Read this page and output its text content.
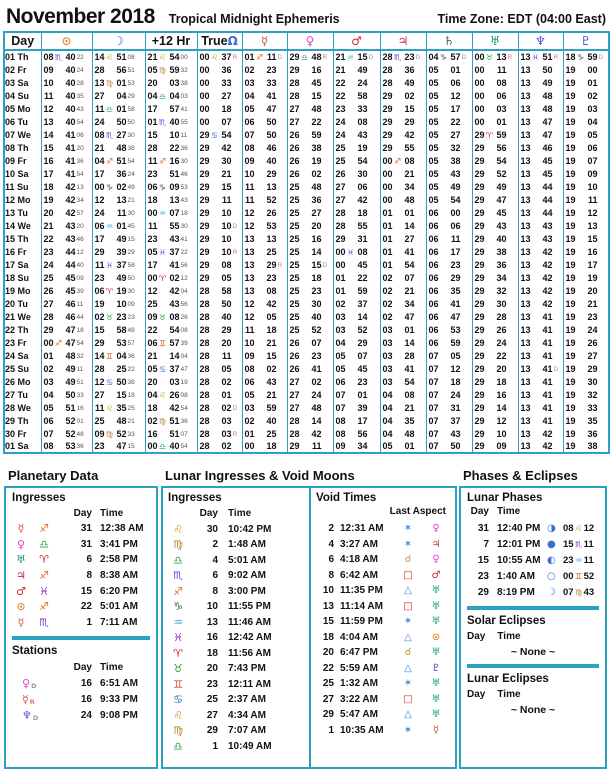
November 2018 Tropical Midnight Ephemeris	Time Zone: EDT (04:00 East)
Day	⊙	☽	+12 Hr	TrueΩ	☿	♀	♂	♃	♄	♅	♆	♇
01 Th	08♏ 4022	14♌ 5108	21♌ 5400	00♌ 37R	01♐ 11D	29♎ 48R	21♒ 15D	28♏ 23D	04♑ 57D	00♉ 13R	13♓ 51R	18♑ 59D
02 Fr	09 4024	28 5651	05♍ 5932	00 36	02 23	29 16	21 49	28 36	05 01	00 11	13 50	19 00
03 Sa	10 4028	13♍ 0153	20 0338	00 33	03 33	28 45	22 24	28 49	05 06	00 08	13 49	19 01
04 Su	11 4035	27 0429	04♎ 0403	00 27	04 41	28 15	22 58	29 02	05 12	00 06	13 48	19 02
05 Mo	12 4043	11♎ 0158	17 5741	00 18	05 47	27 48	23 33	29 15	05 17	00 03	13 48	19 03
06 Tu	13 4054	24 5050	01♏ 4055	00 07	06 50	27 22	24 08	29 29	05 22	00 01	13 47	19 04
07 We	14 4106	08♏ 2730	15 1011	29♋ 54	07 50	26 59	24 43	29 42	05 27	29♈ 59	13 47	19 05
08 Th	15 4120	21 4838	28 2236	29 42	08 46	26 38	25 19	29 55	05 32	29 56	13 46	19 06
09 Fr	16 4136	04♐ 5154	11♐ 1630	29 30	09 40	26 19	25 54	00♐ 08	05 38	29 54	13 45	19 07
10 Sa	17 4154	17 3624	23 5146	29 21	10 29	26 02	26 30	00 21	05 43	29 52	13 45	19 09
11 Su	18 4213	00♑ 0249	06♑ 0953	29 15	11 13	25 48	27 06	00 34	05 49	29 49	13 44	19 10
12 Mo	19 4234	12 1321	18 1343	29 11	11 52	25 36	27 42	00 48	05 54	29 47	13 44	19 11
13 Tu	20 4257	24 1130	00♒ 0718	29 10	12 26	25 27	28 18	01 01	06 00	29 45	13 44	19 12
14 We	21 4320	06♒ 0145	11 5530	29 10D	12 53	25 20	28 55	01 14	06 06	29 43	13 43	19 13
15 Th	22 4346	17 4915	23 4341	29 10	13 13	25 16	29 31	01 27	06 11	29 40	13 43	19 15
16 Fr	23 4412	29 3929	05♓ 3722	29 10R	13 25	25 14	00♓ 08	01 41	06 17	29 38	13 42	19 16
17 Sa	24 4440	11♓ 3758	17 4156	29 08	13 29R	25 15D	00 45	01 54	06 23	29 36	13 42	19 17
18 Su	25 4509	23 4950	00♈ 0212	29 05	13 23	25 18	01 22	02 07	06 29	29 34	13 42	19 19
19 Mo	26 4539	06♈ 1930	12 4204	28 58	13 08	25 23	01 59	02 21	06 35	29 32	13 42	19 20
20 Tu	27 4611	19 1009	25 4356	28 50	12 42	25 30	02 37	02 34	06 41	29 30	13 42	19 21
21 We	28 4644	02♉ 2323	09♉ 0826	28 40	12 05	25 40	03 14	02 47	06 47	29 28	13 41	19 23
22 Th	29 4718	15 5848	22 5408	28 29	11 18	25 52	03 52	03 01	06 53	29 26	13 41	19 24
23 Fr	00♐ 4754	29 5357	06♊ 5739	28 20	10 21	26 07	04 29	03 14	06 59	29 24	13 41	19 26
24 Sa	01 4832	14♊ 0436	21 1404	28 11	09 15	26 23	05 07	03 28	07 05	29 22	13 41	19 27
25 Su	02 4911	28 2522	05♋ 3747	28 05	08 02	26 41	05 45	03 41	07 12	29 20	13 41D	19 29
26 Mo	03 4951	12♋ 5038	20 0319	28 02	06 43	27 02	06 23	03 54	07 18	29 18	13 41	19 30
27 Tu	04 5033	27 1518	04♌ 2608	28 01	05 21	27 24	07 01	04 08	07 24	29 16	13 41	19 32
28 We	05 5116	11♌ 3525	18 4254	28 02D	03 59	27 48	07 39	04 21	07 31	29 14	13 41	19 33
29 Th	06 5201	25 4821	02♍ 5136	28 03	02 40	28 14	08 17	04 35	07 37	29 12	13 41	19 35
30 Fr	07 5248	09♍ 5233	16 5107	28 03R	01 25	28 42	08 56	04 48	07 43	29 10	13 42	19 36
01 Sa	08 5336	23 4715	00♎ 4054	28 02	00 18	29 11	09 34	05 01	07 50	29 09	13 42	19 38
Planetary Data
Ingresses
Day Time
☿	♐	31 12:38 AM
♀	♎	31 3:41 PM
♅	♈	6 2:58 PM
♃	♐	8 8:38 AM
♂	♓	15 6:20 PM
⊙	♐	22 5:01 AM
☿	♏	1 7:11 AM
Stations
Day Time
♀D	16 6:51 AM
☿R	16 9:33 PM
♆D	24 9:08 PM
Lunar Ingresses & Void Moons
Ingresses
Day	Time
♌	30	10:42 PM
♍	2	1:48 AM
♎	4	5:01 AM
♏	6	9:02 AM
♐	8	3:00 PM
♑	10	11:55 PM
♒	13	11:46 AM
♓	16	12:42 AM
♈	18	11:56 AM
♉	20	7:43 PM
♊	23	12:11 AM
♋	25	2:37 AM
♌	27	4:34 AM
♍	29	7:07 AM
♎	1	10:49 AM
Void Times
Last Aspect
2 12:31 AM	✶	♀
4 3:27 AM	✶	♃
6 4:18 AM	☌	♀
8 6:42 AM	□	♂
10 11:35 PM	△	♅
13 11:14 AM	□	♅
15 11:59 PM	✶	♅
18 4:04 AM	△	⊙
20 6:47 PM	☌	♅
22 5:59 AM	△	♇
25 1:32 AM	✶	♅
27 3:22 AM	□	♅
29 5:47 AM	△	♅
1 10:35 AM	✶	☿
Phases & Eclipses
Lunar Phases
Day Time
31 12:40 PM ◑ 08♌12
7 12:01 PM ● 15♏11
15 10:55 AM ◐ 23♒11
23 1:40 AM	○ 00♊52
29 8:19 PM	☽ 07♍43
Solar Eclipses
Day Time
~ None ~
Lunar Eclipses
Day Time
~ None ~
